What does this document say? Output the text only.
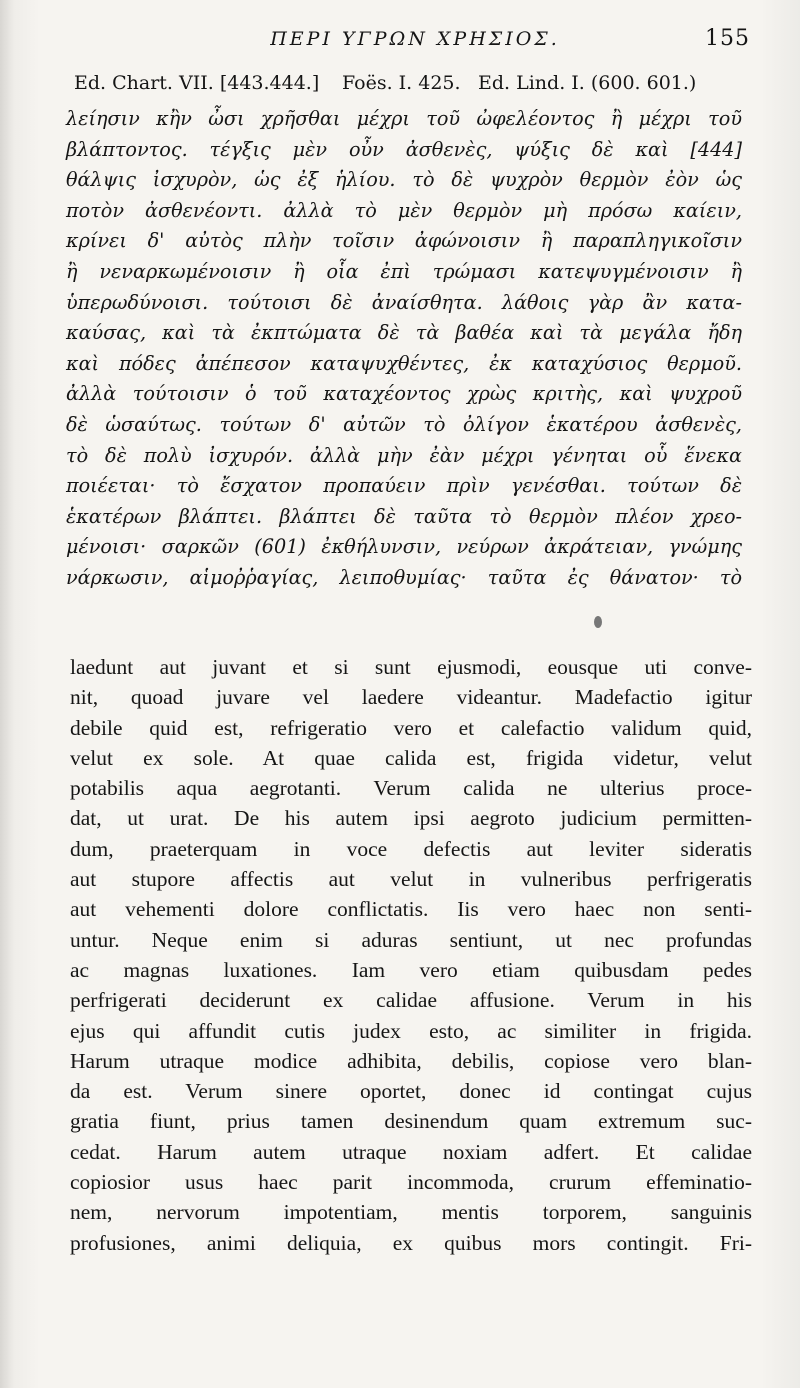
ΠΕΡΙ ΥΓΡΩΝ ΧΡΗΣΙΟΣ.	155
Ed. Chart. VII. [443.444.] Foës. I. 425. Ed. Lind. I. (600. 601.)
λείησιν κἢν ὦσι χρῆσθαι μέχρι τοῦ ὠφελέοντος ἢ μέχρι τοῦ
βλάπτοντος. τέγξις μὲν οὖν ἀσθενὲς, ψύξις δὲ καὶ [444]
θάλψις ἰσχυρὸν, ὡς ἐξ ἡλίου. τὸ δὲ ψυχρὸν θερμὸν ἐὸν ὡς
ποτὸν ἀσθενέοντι. ἀλλὰ τὸ μὲν θερμὸν μὴ πρόσω καίειν,
κρίνει δ' αὐτὸς πλὴν τοῖσιν ἀφώνοισιν ἢ παραπληγικοῖσιν
ἢ νεναρκωμένοισιν ἢ οἷα ἐπὶ τρώμασι κατεψυγμένοισιν ἢ
ὑπερωδύνοισι. τούτοισι δὲ ἀναίσθητα. λάθοις γὰρ ἂν κατα-
καύσας, καὶ τὰ ἐκπτώματα δὲ τὰ βαθέα καὶ τὰ μεγάλα ἤδη
καὶ πόδες ἀπέπεσον καταψυχθέντες, ἐκ καταχύσιος θερμοῦ.
ἀλλὰ τούτοισιν ὁ τοῦ καταχέοντος χρὼς κριτὴς, καὶ ψυχροῦ
δὲ ὡσαύτως. τούτων δ' αὐτῶν τὸ ὀλίγον ἑκατέρου ἀσθενὲς,
τὸ δὲ πολὺ ἰσχυρόν. ἀλλὰ μὴν ἐὰν μέχρι γένηται οὗ ἕνεκα
ποιέεται· τὸ ἔσχατον προπαύειν πρὶν γενέσθαι. τούτων δὲ
ἑκατέρων βλάπτει. βλάπτει δὲ ταῦτα τὸ θερμὸν πλέον χρεο-
μένοισι· σαρκῶν (601) ἐκθήλυνσιν, νεύρων ἀκράτειαν, γνώμης
νάρκωσιν, αἱμοῤῥαγίας, λειποθυμίας· ταῦτα ἐς θάνατον· τὸ
laedunt aut juvant et si sunt ejusmodi, eousque uti conve-
nit, quoad juvare vel laedere videantur. Madefactio igitur
debile quid est, refrigeratio vero et calefactio validum quid,
velut ex sole. At quae calida est, frigida videtur, velut
potabilis aqua aegrotanti. Verum calida ne ulterius proce-
dat, ut urat. De his autem ipsi aegroto judicium permitten-
dum, praeterquam in voce defectis aut leviter sideratis
aut stupore affectis aut velut in vulneribus perfrigeratis
aut vehementi dolore conflictatis. Iis vero haec non senti-
untur. Neque enim si aduras sentiunt, ut nec profundas
ac magnas luxationes. Iam vero etiam quibusdam pedes
perfrigerati deciderunt ex calidae affusione. Verum in his
ejus qui affundit cutis judex esto, ac similiter in frigida.
Harum utraque modice adhibita, debilis, copiose vero blan-
da est. Verum sinere oportet, donec id contingat cujus
gratia fiunt, prius tamen desinendum quam extremum suc-
cedat. Harum autem utraque noxiam adfert. Et calidae
copiosior usus haec parit incommoda, crurum effeminatio-
nem, nervorum impotentiam, mentis torporem, sanguinis
profusiones, animi deliquia, ex quibus mors contingit. Fri-
